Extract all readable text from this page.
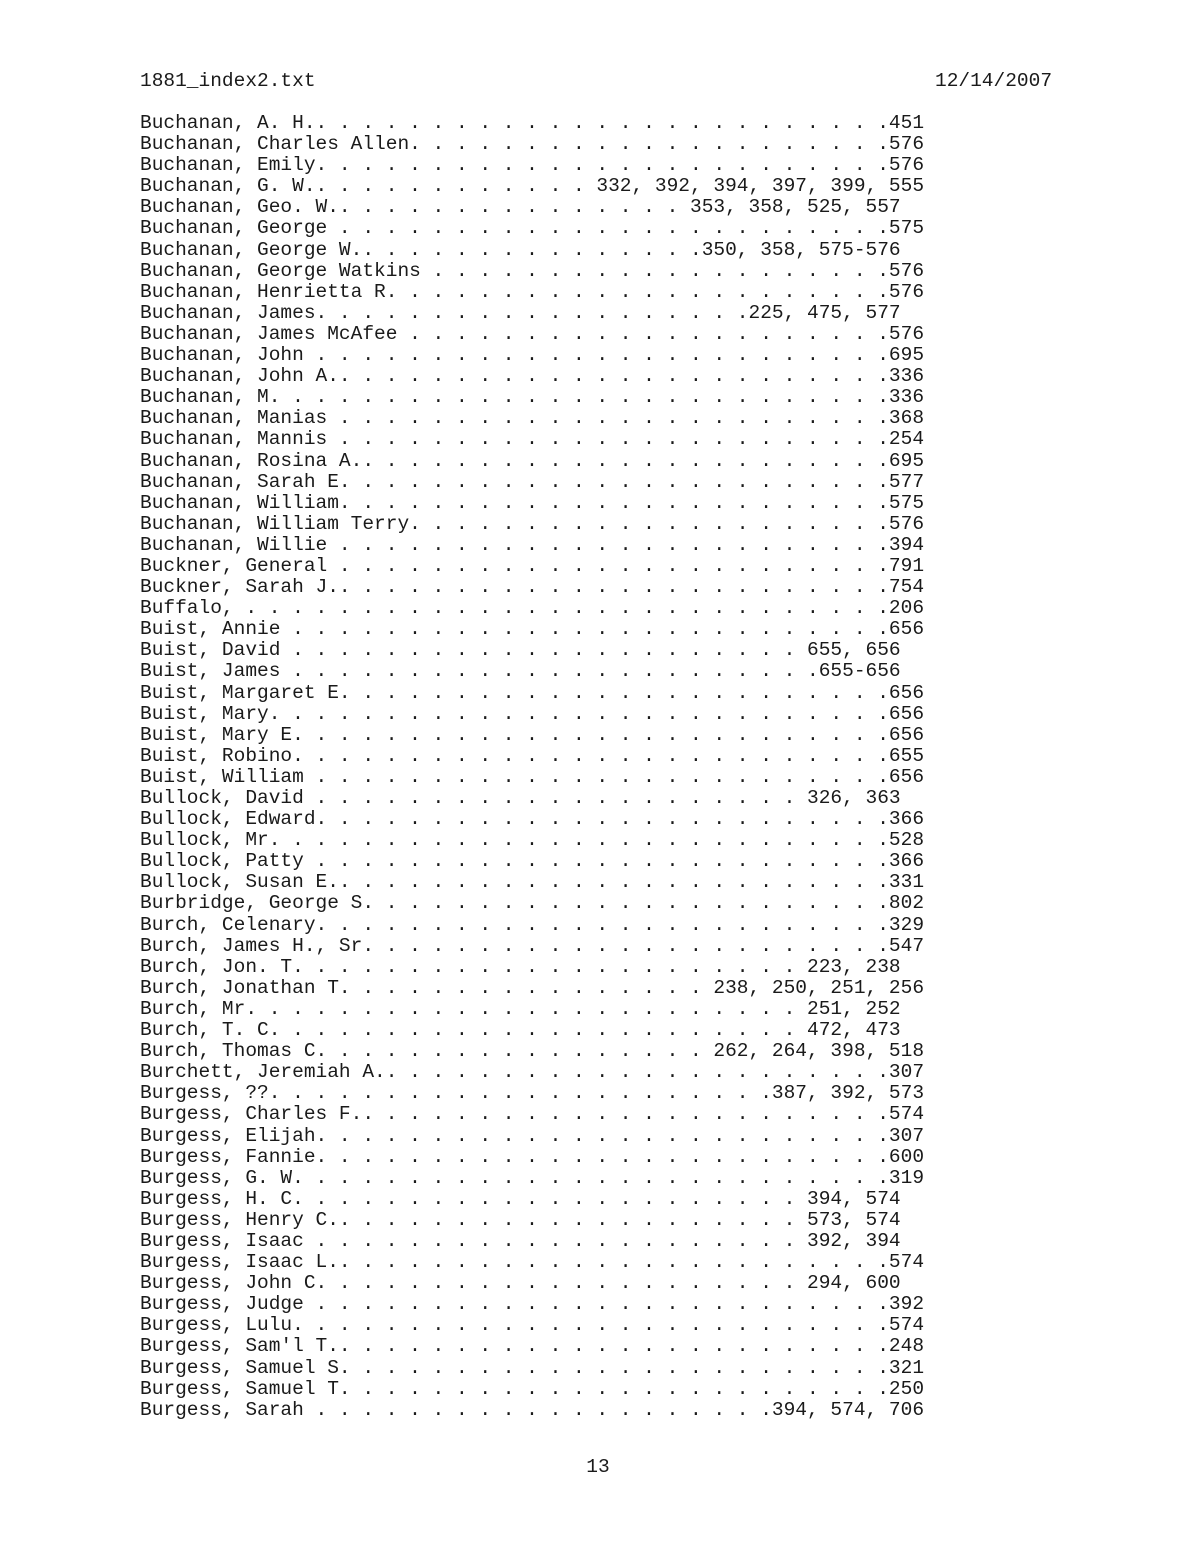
1881_index2.txt	12/14/2007
Buchanan, A. H.. . . . . . . . . . . . . . . . . . . . . . . . .451
Buchanan, Charles Allen. . . . . . . . . . . . . . . . . . . . .576
Buchanan, Emily. . . . . . . . . . . . . . . . . . . . . . . . .576
Buchanan, G. W.. . . . . . . . . . . . 332, 392, 394, 397, 399, 555
Buchanan, Geo. W.. . . . . . . . . . . . . . . 353, 358, 525, 557
Buchanan, George . . . . . . . . . . . . . . . . . . . . . . . .575
Buchanan, George W.. . . . . . . . . . . . . . .350, 358, 575-576
Buchanan, George Watkins . . . . . . . . . . . . . . . . . . . .576
Buchanan, Henrietta R. . . . . . . . . . . . . . . . . . . . . .576
Buchanan, James. . . . . . . . . . . . . . . . . . .225, 475, 577
Buchanan, James McAfee . . . . . . . . . . . . . . . . . . . . .576
Buchanan, John . . . . . . . . . . . . . . . . . . . . . . . . .695
Buchanan, John A.. . . . . . . . . . . . . . . . . . . . . . . .336
Buchanan, M. . . . . . . . . . . . . . . . . . . . . . . . . . .336
Buchanan, Manias . . . . . . . . . . . . . . . . . . . . . . . .368
Buchanan, Mannis . . . . . . . . . . . . . . . . . . . . . . . .254
Buchanan, Rosina A.. . . . . . . . . . . . . . . . . . . . . . .695
Buchanan, Sarah E. . . . . . . . . . . . . . . . . . . . . . . .577
Buchanan, William. . . . . . . . . . . . . . . . . . . . . . . .575
Buchanan, William Terry. . . . . . . . . . . . . . . . . . . . .576
Buchanan, Willie . . . . . . . . . . . . . . . . . . . . . . . .394
Buckner, General . . . . . . . . . . . . . . . . . . . . . . . .791
Buckner, Sarah J.. . . . . . . . . . . . . . . . . . . . . . . .754
Buffalo, . . . . . . . . . . . . . . . . . . . . . . . . . . . .206
Buist, Annie . . . . . . . . . . . . . . . . . . . . . . . . . .656
Buist, David . . . . . . . . . . . . . . . . . . . . . . 655, 656
Buist, James . . . . . . . . . . . . . . . . . . . . . . .655-656
Buist, Margaret E. . . . . . . . . . . . . . . . . . . . . . . .656
Buist, Mary. . . . . . . . . . . . . . . . . . . . . . . . . . .656
Buist, Mary E. . . . . . . . . . . . . . . . . . . . . . . . . .656
Buist, Robino. . . . . . . . . . . . . . . . . . . . . . . . . .655
Buist, William . . . . . . . . . . . . . . . . . . . . . . . . .656
Bullock, David . . . . . . . . . . . . . . . . . . . . . 326, 363
Bullock, Edward. . . . . . . . . . . . . . . . . . . . . . . . .366
Bullock, Mr. . . . . . . . . . . . . . . . . . . . . . . . . . .528
Bullock, Patty . . . . . . . . . . . . . . . . . . . . . . . . .366
Bullock, Susan E.. . . . . . . . . . . . . . . . . . . . . . . .331
Burbridge, George S. . . . . . . . . . . . . . . . . . . . . . .802
Burch, Celenary. . . . . . . . . . . . . . . . . . . . . . . . .329
Burch, James H., Sr. . . . . . . . . . . . . . . . . . . . . . .547
Burch, Jon. T. . . . . . . . . . . . . . . . . . . . . . 223, 238
Burch, Jonathan T. . . . . . . . . . . . . . . . 238, 250, 251, 256
Burch, Mr. . . . . . . . . . . . . . . . . . . . . . . . 251, 252
Burch, T. C. . . . . . . . . . . . . . . . . . . . . . . 472, 473
Burch, Thomas C. . . . . . . . . . . . . . . . . 262, 264, 398, 518
Burchett, Jeremiah A.. . . . . . . . . . . . . . . . . . . . . .307
Burgess, ??. . . . . . . . . . . . . . . . . . . . . .387, 392, 573
Burgess, Charles F.. . . . . . . . . . . . . . . . . . . . . . .574
Burgess, Elijah. . . . . . . . . . . . . . . . . . . . . . . . .307
Burgess, Fannie. . . . . . . . . . . . . . . . . . . . . . . . .600
Burgess, G. W. . . . . . . . . . . . . . . . . . . . . . . . . .319
Burgess, H. C. . . . . . . . . . . . . . . . . . . . . . 394, 574
Burgess, Henry C.. . . . . . . . . . . . . . . . . . . . 573, 574
Burgess, Isaac . . . . . . . . . . . . . . . . . . . . . 392, 394
Burgess, Isaac L.. . . . . . . . . . . . . . . . . . . . . . . .574
Burgess, John C. . . . . . . . . . . . . . . . . . . . . 294, 600
Burgess, Judge . . . . . . . . . . . . . . . . . . . . . . . . .392
Burgess, Lulu. . . . . . . . . . . . . . . . . . . . . . . . . .574
Burgess, Sam'l T.. . . . . . . . . . . . . . . . . . . . . . . .248
Burgess, Samuel S. . . . . . . . . . . . . . . . . . . . . . . .321
Burgess, Samuel T. . . . . . . . . . . . . . . . . . . . . . . .250
Burgess, Sarah . . . . . . . . . . . . . . . . . . . .394, 574, 706
13
